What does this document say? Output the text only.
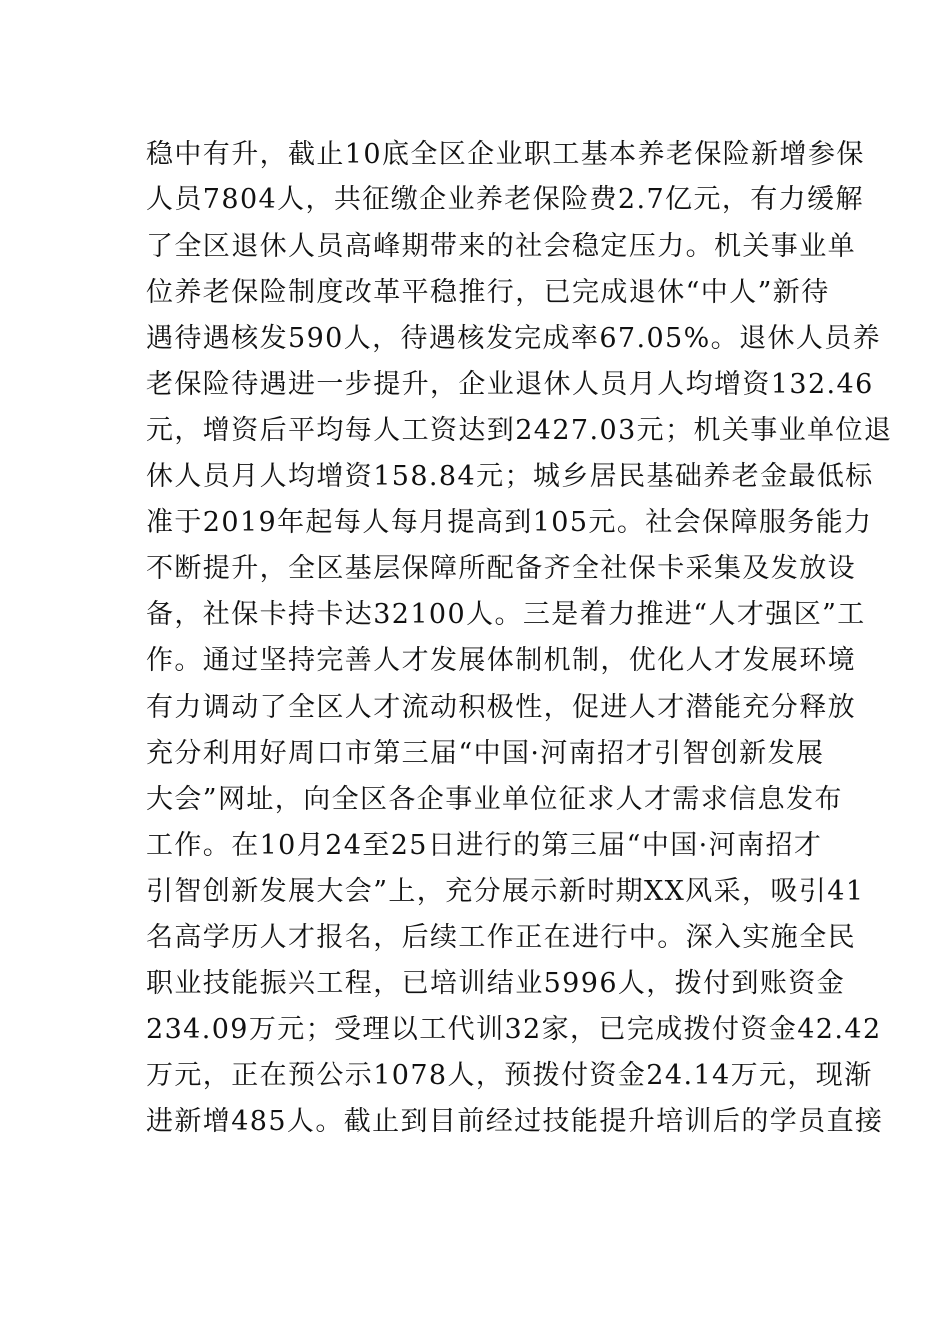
稳中有升，截止10底全区企业职工基本养老保险新增参保
人员7804人，共征缴企业养老保险费2.7亿元，有力缓解
了全区退休人员高峰期带来的社会稳定压力。机关事业单
位养老保险制度改革平稳推行，已完成退休“中人”新待
遇待遇核发590人，待遇核发完成率67.05%。退休人员养
老保险待遇进一步提升，企业退休人员月人均增资132.46
元，增资后平均每人工资达到2427.03元；机关事业单位退
休人员月人均增资158.84元；城乡居民基础养老金最低标
准于2019年起每人每月提高到105元。社会保障服务能力
不断提升，全区基层保障所配备齐全社保卡采集及发放设
备，社保卡持卡达32100人。三是着力推进“人才强区”工
作。通过坚持完善人才发展体制机制，优化人才发展环境
有力调动了全区人才流动积极性，促进人才潜能充分释放
充分利用好周口市第三届“中国·河南招才引智创新发展
大会”网址，向全区各企事业单位征求人才需求信息发布
工作。在10月24至25日进行的第三届“中国·河南招才
引智创新发展大会”上，充分展示新时期XX风采，吸引41
名高学历人才报名，后续工作正在进行中。深入实施全民
职业技能振兴工程，已培训结业5996人，拨付到账资金
234.09万元；受理以工代训32家，已完成拨付资金42.42
万元，正在预公示1078人，预拨付资金24.14万元，现渐
进新增485人。截止到目前经过技能提升培训后的学员直接
